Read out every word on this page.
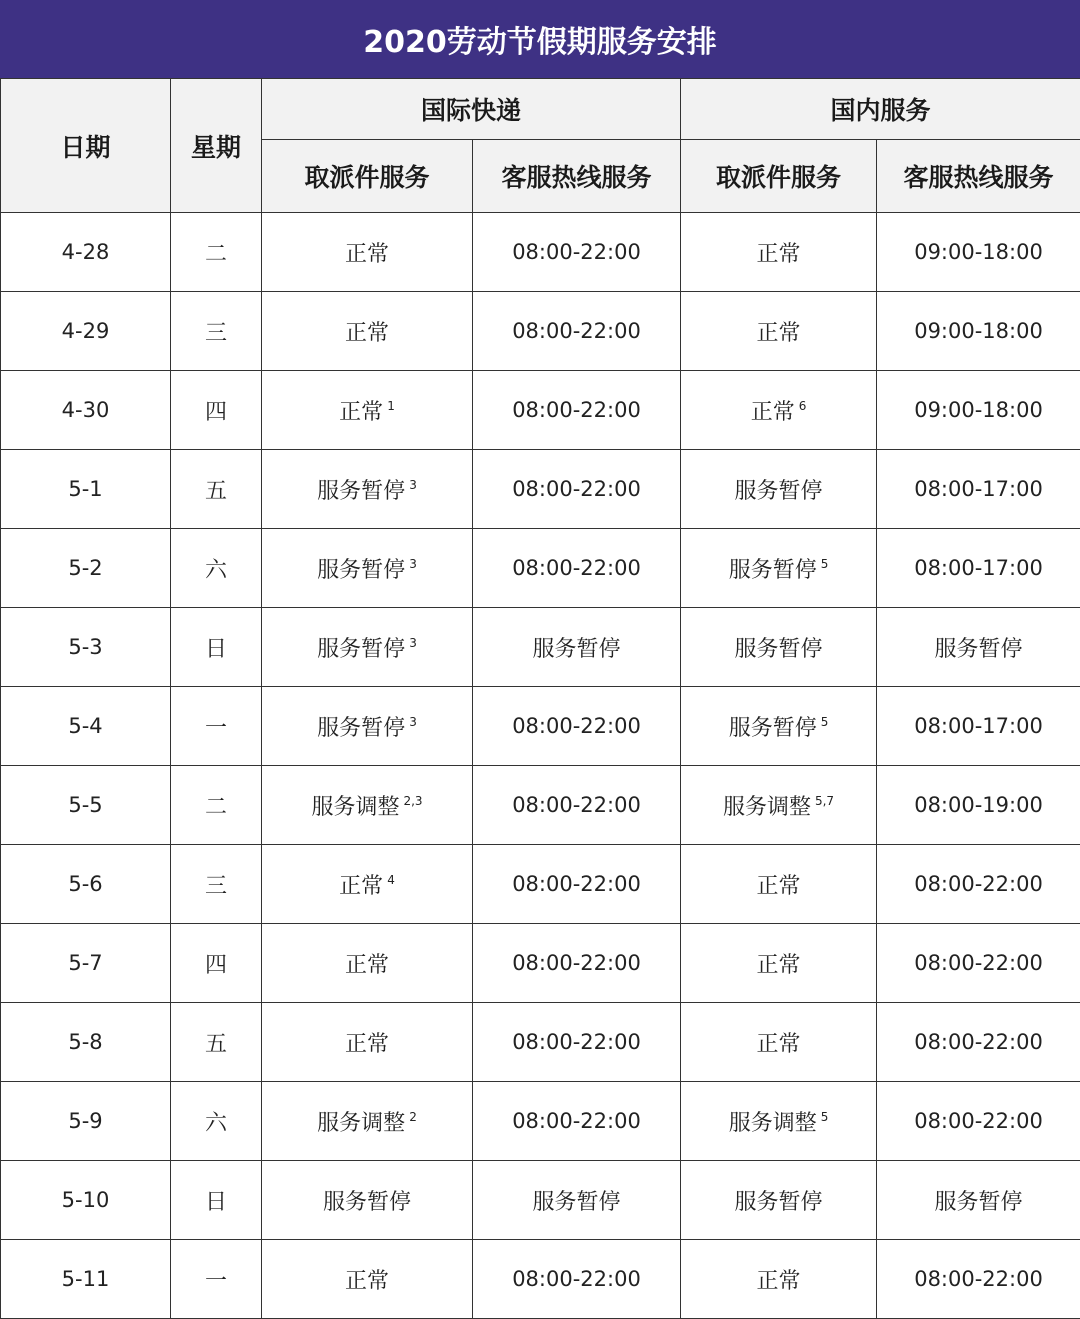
2020劳动节假期服务安排
日期	星期	国际快递		国内服务	
		取派件服务	客服热线服务	取派件服务	客服热线服务
4-28	二	正常	08:00-22:00	正常	09:00-18:00
4-29	三	正常	08:00-22:00	正常	09:00-18:00
4-30	四	正常 $^1$	08:00-22:00	正常 $^6$	09:00-18:00
5-1	五	服务暂停 $^3$	08:00-22:00	服务暂停	08:00-17:00
5-2	六	服务暂停 $^3$	08:00-22:00	服务暂停 $^5$	08:00-17:00
5-3	日	服务暂停 $^3$	服务暂停	服务暂停	服务暂停
5-4	一	服务暂停 $^3$	08:00-22:00	服务暂停 $^5$	08:00-17:00
5-5	二	服务调整 $^{2,3}$	08:00-22:00	服务调整 $^{5,7}$	08:00-19:00
5-6	三	正常 $^4$	08:00-22:00	正常	08:00-22:00
5-7	四	正常	08:00-22:00	正常	08:00-22:00
5-8	五	正常	08:00-22:00	正常	08:00-22:00
5-9	六	服务调整 $^2$	08:00-22:00	服务调整 $^5$	08:00-22:00
5-10	日	服务暂停	服务暂停	服务暂停	服务暂停
5-11	一	正常	08:00-22:00	正常	08:00-22:00
